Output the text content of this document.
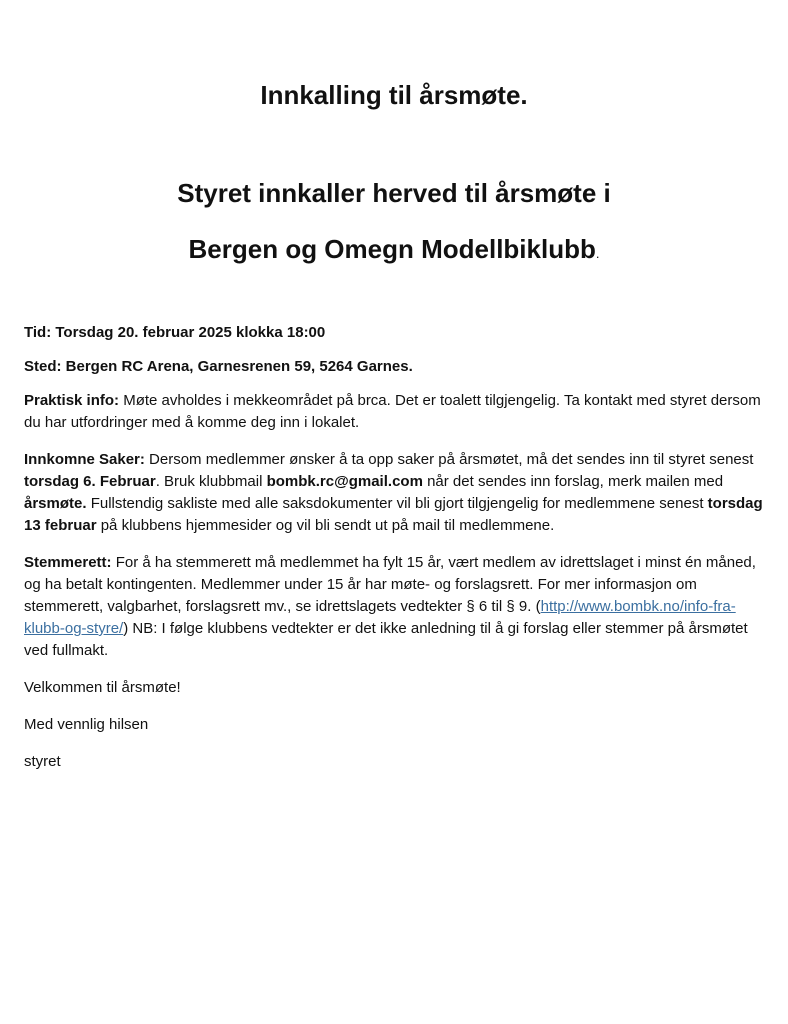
Innkalling til årsmøte.
Styret innkaller herved til årsmøte i
Bergen og Omegn Modellbiklubb.

Tid: Torsdag 20. februar 2025 klokka 18:00

Sted: Bergen RC Arena, Garnesrenen 59, 5264 Garnes.

Praktisk info: Møte avholdes i mekkeområdet på brca. Det er toalett tilgjengelig. Ta kontakt med styret dersom du har utfordringer med å komme deg inn i lokalet.

Innkomne Saker: Dersom medlemmer ønsker å ta opp saker på årsmøtet, må det sendes inn til styret senest torsdag 6. Februar. Bruk klubbmail bombk.rc@gmail.com når det sendes inn forslag, merk mailen med årsmøte. Fullstendig sakliste med alle saksdokumenter vil bli gjort tilgjengelig for medlemmene senest torsdag 13 februar på klubbens hjemmesider og vil bli sendt ut på mail til medlemmene.

Stemmerett: For å ha stemmerett må medlemmet ha fylt 15 år, vært medlem av idrettslaget i minst én måned, og ha betalt kontingenten. Medlemmer under 15 år har møte- og forslagsrett. For mer informasjon om stemmerett, valgbarhet, forslagsrett mv., se idrettslagets vedtekter § 6 til § 9. (http://www.bombk.no/info-fra-klubb-og-styre/) NB: I følge klubbens vedtekter er det ikke anledning til å gi forslag eller stemmer på årsmøtet ved fullmakt.

Velkommen til årsmøte!

Med vennlig hilsen

styret
